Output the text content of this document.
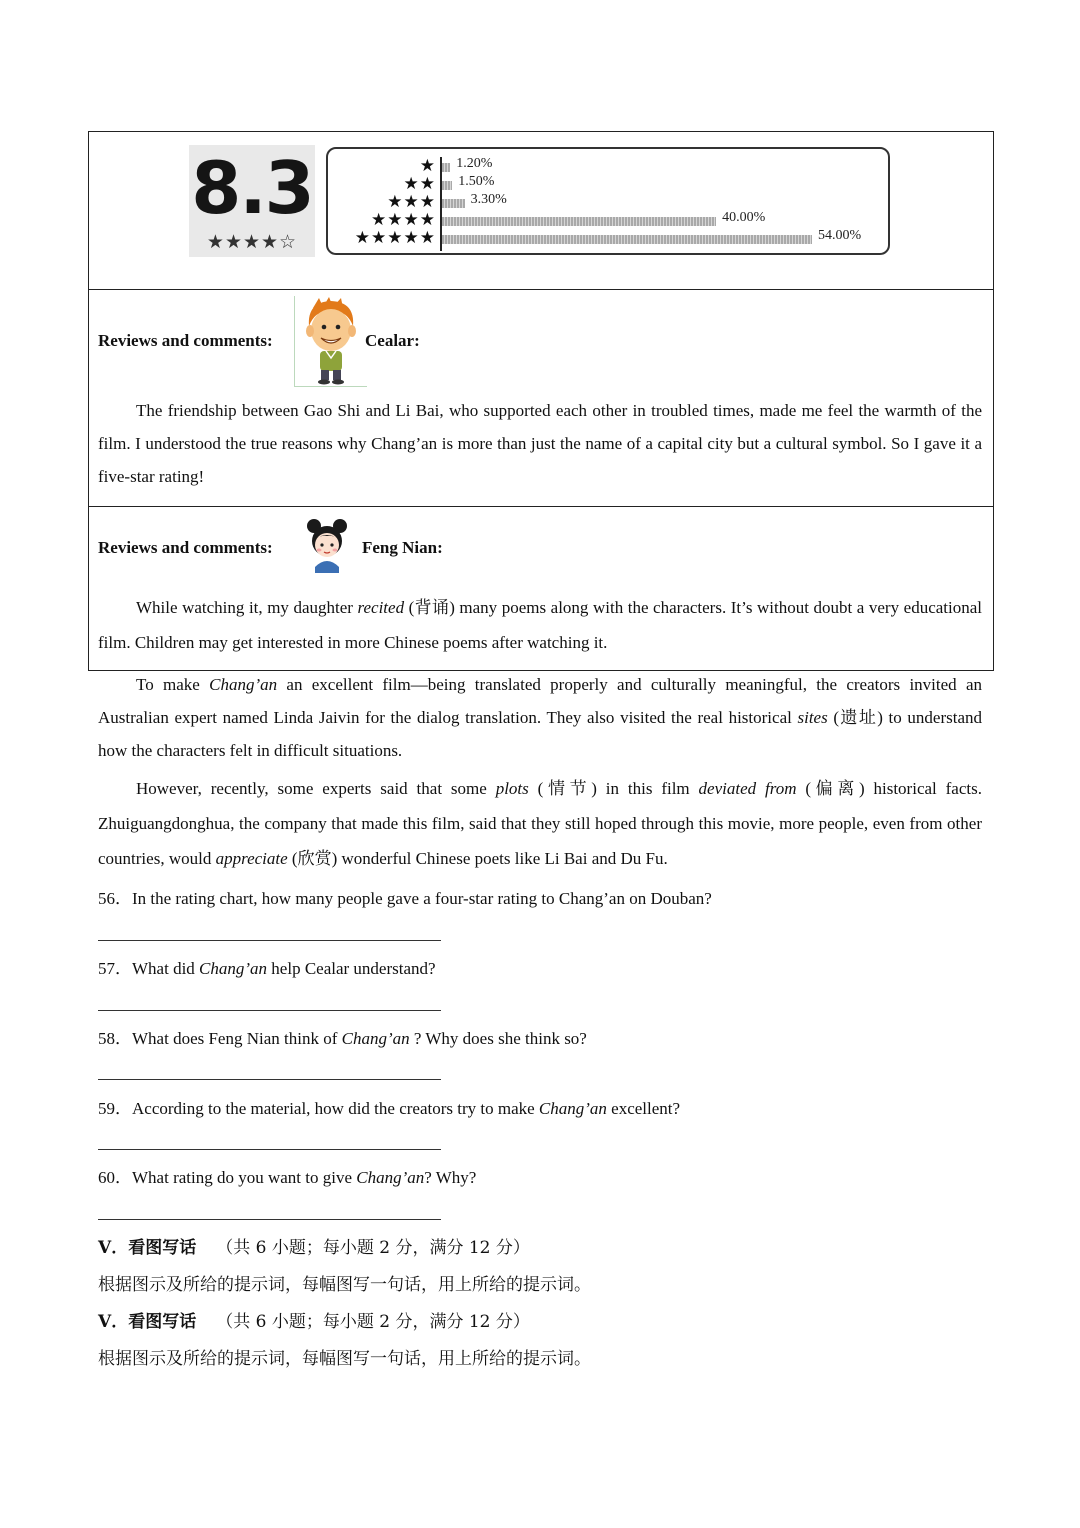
8.3
★★★★☆
★ 1.20%
★★ 1.50%
★★★ 3.30%
★★★★	40.00%
★★★★★	54.00%
Reviews and comments:	Cealar:
The friendship between Gao Shi and Li Bai, who supported each other in troubled times, made me feel the warmth of the film. I understood the true reasons why Chang’an is more than just the name of a capital city but a cultural symbol. So I gave it a five-star rating!
Reviews and comments:	Feng Nian:
While watching it, my daughter recited (背诵) many poems along with the characters. It’s without doubt a very educational film. Children may get interested in more Chinese poems after watching it.
To make Chang’an an excellent film—being translated properly and culturally meaningful, the creators invited an Australian expert named Linda Jaivin for the dialog translation. They also visited the real historical sites (遗址) to understand how the characters felt in difficult situations.
However, recently, some experts said that some plots (情节) in this film deviated from (偏离) historical facts. Zhuiguangdonghua, the company that made this film, said that they still hoped through this movie, more people, even from other countries, would appreciate (欣赏) wonderful Chinese poets like Li Bai and Du Fu.
56．In the rating chart, how many people gave a four-star rating to Chang’an on Douban?
57．What did Chang’an help Cealar understand?
58．What does Feng Nian think of Chang’an ? Why does she think so?
59．According to the material, how did the creators try to make Chang’an excellent?
60．What rating do you want to give Chang’an? Why?
V．看图写话 （共 6 小题；每小题 2 分，满分 12 分）
根据图示及所给的提示词，每幅图写一句话，用上所给的提示词。
V．看图写话 （共 6 小题；每小题 2 分，满分 12 分）
根据图示及所给的提示词，每幅图写一句话，用上所给的提示词。
